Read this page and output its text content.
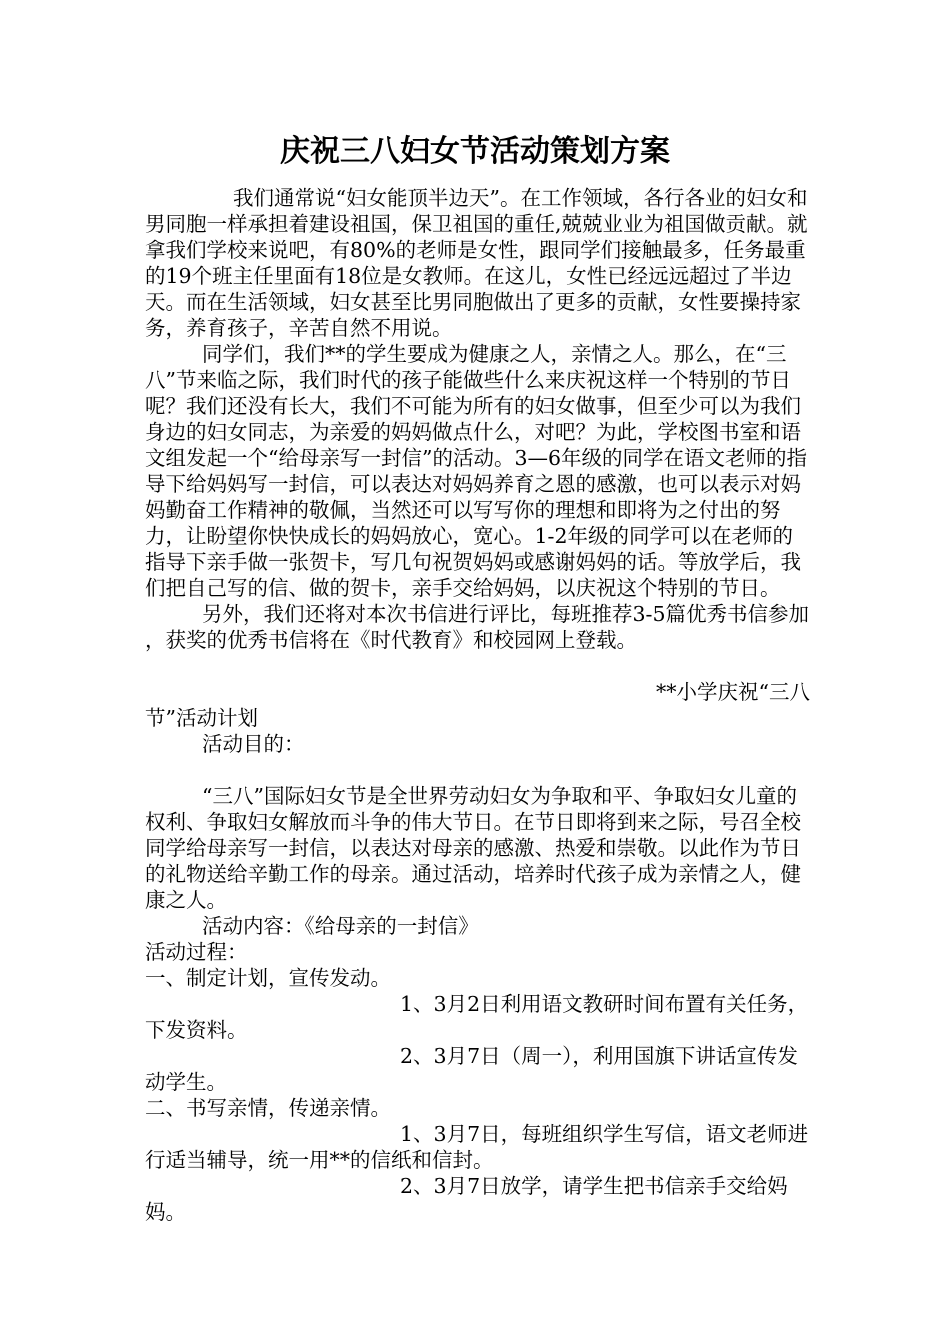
庆祝三八妇女节活动策划方案

我们通常说“妇女能顶半边天”。在工作领域，各行各业的妇女和男同胞一样承担着建设祖国，保卫祖国的重任,兢兢业业为祖国做贡献。就拿我们学校来说吧，有80%的老师是女性，跟同学们接触最多，任务最重的19个班主任里面有18位是女教师。在这儿，女性已经远远超过了半边天。而在生活领域，妇女甚至比男同胞做出了更多的贡献，女性要操持家务，养育孩子，辛苦自然不用说。

同学们，我们**的学生要成为健康之人，亲情之人。那么，在“三八”节来临之际，我们时代的孩子能做些什么来庆祝这样一个特别的节日呢？我们还没有长大，我们不可能为所有的妇女做事，但至少可以为我们身边的妇女同志，为亲爱的妈妈做点什么，对吧？为此，学校图书室和语文组发起一个“给母亲写一封信”的活动。3—6年级的同学在语文老师的指导下给妈妈写一封信，可以表达对妈妈养育之恩的感激，也可以表示对妈妈勤奋工作精神的敬佩，当然还可以写写你的理想和即将为之付出的努力，让盼望你快快成长的妈妈放心，宽心。1-2年级的同学可以在老师的指导下亲手做一张贺卡，写几句祝贺妈妈或感谢妈妈的话。等放学后，我们把自己写的信、做的贺卡，亲手交给妈妈，以庆祝这个特别的节日。

另外，我们还将对本次书信进行评比，每班推荐3-5篇优秀书信参加 ，获奖的优秀书信将在《时代教育》和校园网上登载。

**小学庆祝“三八

节”活动计划

活动目的：

“三八”国际妇女节是全世界劳动妇女为争取和平、争取妇女儿童的权利、争取妇女解放而斗争的伟大节日。在节日即将到来之际，号召全校同学给母亲写一封信，以表达对母亲的感激、热爱和崇敬。以此作为节日的礼物送给辛勤工作的母亲。通过活动，培养时代孩子成为亲情之人，健康之人。

活动内容：《给母亲的一封信》

活动过程：

一、制定计划，宣传发动。

1、3月2日利用语文教研时间布置有关任务，下发资料。

2、3月7日（周一），利用国旗下讲话宣传发动学生。

二、书写亲情，传递亲情。

1、3月7日，每班组织学生写信，语文老师进行适当辅导，统一用**的信纸和信封。

2、3月7日放学，请学生把书信亲手交给妈妈。
